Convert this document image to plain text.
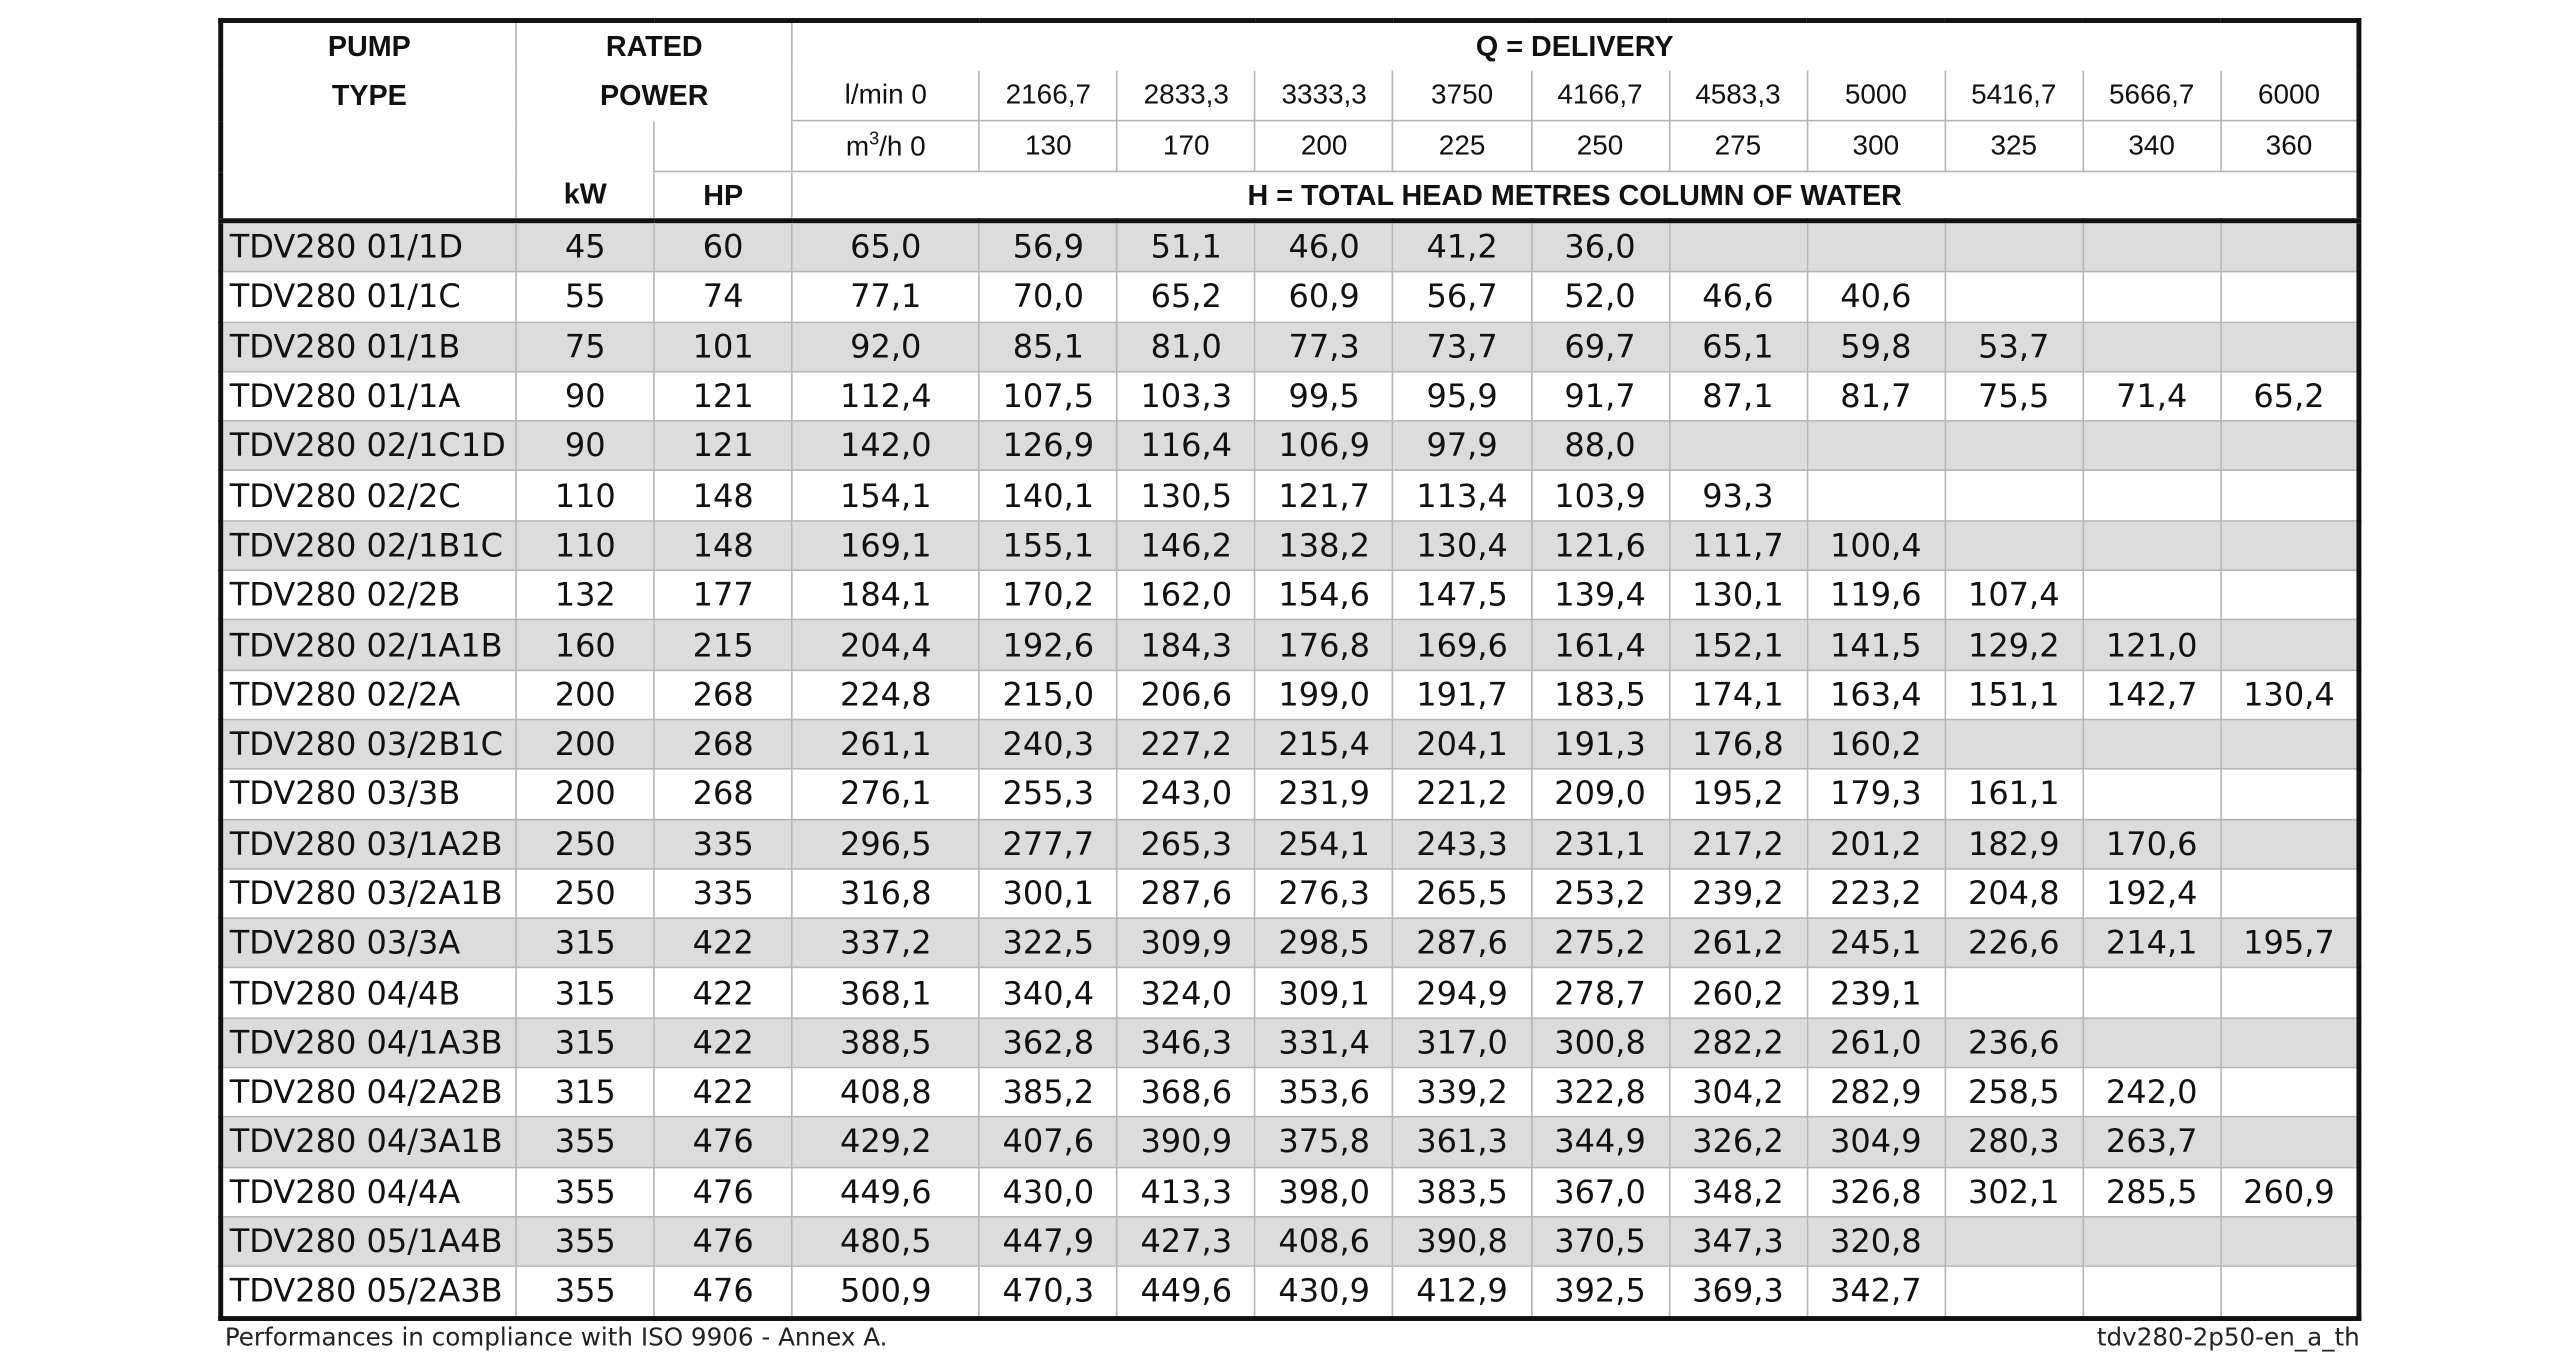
PUMP	RATED		Q = DELIVERY										
TYPE	POWER		l/min 0	2166,7	2833,3	3333,3	3750	4166,7	4583,3	5000	5416,7	5666,7	6000
			$m^3/h$ 0	130	170	200	225	250	275	300	325	340	360
	kW	HP	H = TOTAL HEAD METRES COLUMN OF WATER										
TDV280 01/1D	45	60	65,0	56,9	51,1	46,0	41,2	36,0					
TDV280 01/1C	55	74	77,1	70,0	65,2	60,9	56,7	52,0	46,6	40,6			
TDV280 01/1B	75	101	92,0	85,1	81,0	77,3	73,7	69,7	65,1	59,8	53,7		
TDV280 01/1A	90	121	112,4	107,5	103,3	99,5	95,9	91,7	87,1	81,7	75,5	71,4	65,2
TDV280 02/1C1D	90	121	142,0	126,9	116,4	106,9	97,9	88,0					
TDV280 02/2C	110	148	154,1	140,1	130,5	121,7	113,4	103,9	93,3				
TDV280 02/1B1C	110	148	169,1	155,1	146,2	138,2	130,4	121,6	111,7	100,4			
TDV280 02/2B	132	177	184,1	170,2	162,0	154,6	147,5	139,4	130,1	119,6	107,4		
TDV280 02/1A1B	160	215	204,4	192,6	184,3	176,8	169,6	161,4	152,1	141,5	129,2	121,0	
TDV280 02/2A	200	268	224,8	215,0	206,6	199,0	191,7	183,5	174,1	163,4	151,1	142,7	130,4
TDV280 03/2B1C	200	268	261,1	240,3	227,2	215,4	204,1	191,3	176,8	160,2			
TDV280 03/3B	200	268	276,1	255,3	243,0	231,9	221,2	209,0	195,2	179,3	161,1		
TDV280 03/1A2B	250	335	296,5	277,7	265,3	254,1	243,3	231,1	217,2	201,2	182,9	170,6	
TDV280 03/2A1B	250	335	316,8	300,1	287,6	276,3	265,5	253,2	239,2	223,2	204,8	192,4	
TDV280 03/3A	315	422	337,2	322,5	309,9	298,5	287,6	275,2	261,2	245,1	226,6	214,1	195,7
TDV280 04/4B	315	422	368,1	340,4	324,0	309,1	294,9	278,7	260,2	239,1			
TDV280 04/1A3B	315	422	388,5	362,8	346,3	331,4	317,0	300,8	282,2	261,0	236,6		
TDV280 04/2A2B	315	422	408,8	385,2	368,6	353,6	339,2	322,8	304,2	282,9	258,5	242,0	
TDV280 04/3A1B	355	476	429,2	407,6	390,9	375,8	361,3	344,9	326,2	304,9	280,3	263,7	
TDV280 04/4A	355	476	449,6	430,0	413,3	398,0	383,5	367,0	348,2	326,8	302,1	285,5	260,9
TDV280 05/1A4B	355	476	480,5	447,9	427,3	408,6	390,8	370,5	347,3	320,8			
TDV280 05/2A3B	355	476	500,9	470,3	449,6	430,9	412,9	392,5	369,3	342,7			
Performances in compliance with ISO 9906 - Annex A.	tdv280-2p50-en_a_th
